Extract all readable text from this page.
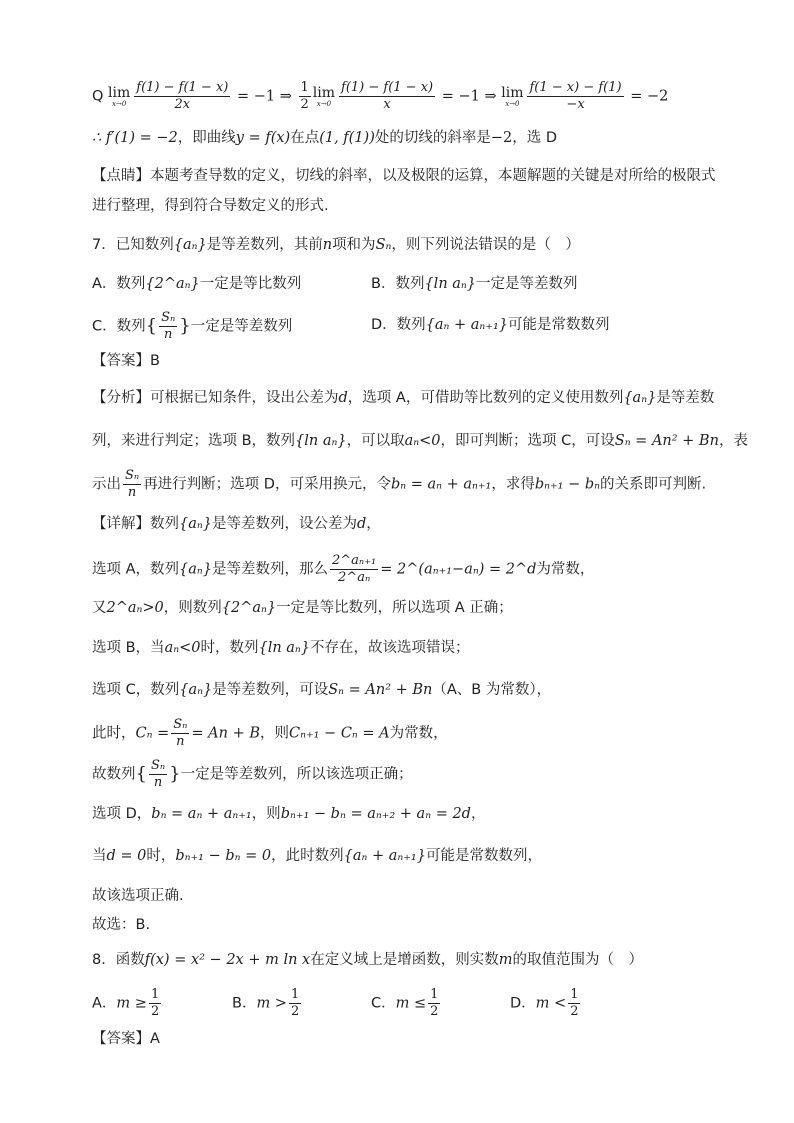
Q lim
$x\to 0 \frac{f(1) - f(1 - x)}{2x} = -1$ ⇒ $\frac{1}{2}$ lim
$x\to 0 \frac{f(1) - f(1 - x)}{x} = -1$ ⇒ lim
$x\to 0 \frac{f(1 - x) - f(1)}{-x} = -2$
∴ f′(1) = −2，即曲线y = f(x)在点(1, f(1))处的切线的斜率是−2，选 D
【点睛】本题考查导数的定义，切线的斜率，以及极限的运算，本题解题的关键是对所给的极限式
进行整理，得到符合导数定义的形式.
7．已知数列{aₙ}是等差数列，其前n项和为Sₙ，则下列说法错误的是（　）
A．数列{2^aₙ}一定是等比数列	B．数列{ln aₙ}一定是等差数列
C．数列{ $\frac{\text{Sₙ}}{n}$ }一定是等差数列	D．数列{aₙ + aₙ₊₁}可能是常数数列
【答案】B
【分析】可根据已知条件，设出公差为d，选项 A，可借助等比数列的定义使用数列{aₙ}是等差数
列，来进行判定；选项 B，数列{ln aₙ}，可以取aₙ<0，即可判断；选项 C，可设Sₙ = An² + Bn，表
示出 $\frac{\text{Sₙ}}{n}$ 再进行判断；选项 D，可采用换元，令bₙ = aₙ + aₙ₊₁，求得bₙ₊₁ − bₙ的关系即可判断.
【详解】数列{aₙ}是等差数列，设公差为d，
选项 A，数列{aₙ}是等差数列，那么 $\frac{\text{2\textasciicircum{}aₙ₊₁}}{\text{2\textasciicircum{}aₙ}}$ = 2^(aₙ₊₁−aₙ) = 2^d为常数，
又2^aₙ>0，则数列{2^aₙ}一定是等比数列，所以选项 A 正确；
选项 B，当aₙ<0时，数列{ln aₙ}不存在，故该选项错误；
选项 C，数列{aₙ}是等差数列，可设Sₙ = An² + Bn（A、B 为常数），
此时，$C_n = \frac{\text{Sₙ}}{n} = An + B$，则Cₙ₊₁ − Cₙ = A为常数，
故数列{ $\frac{\text{Sₙ}}{n}$ }一定是等差数列，所以该选项正确；
选项 D，bₙ = aₙ + aₙ₊₁，则bₙ₊₁ − bₙ = aₙ₊₂ + aₙ = 2d，
当d = 0时，bₙ₊₁ − bₙ = 0，此时数列{aₙ + aₙ₊₁}可能是常数数列，
故该选项正确.
故选：B.
8．函数f(x) = x² − 2x + m ln x在定义域上是增函数，则实数m的取值范围为（　）
A．$m \ge \frac{1}{2}$	B．$m > \frac{1}{2}$	C．$m \le \frac{1}{2}$	D．$m < \frac{1}{2}$
【答案】A
